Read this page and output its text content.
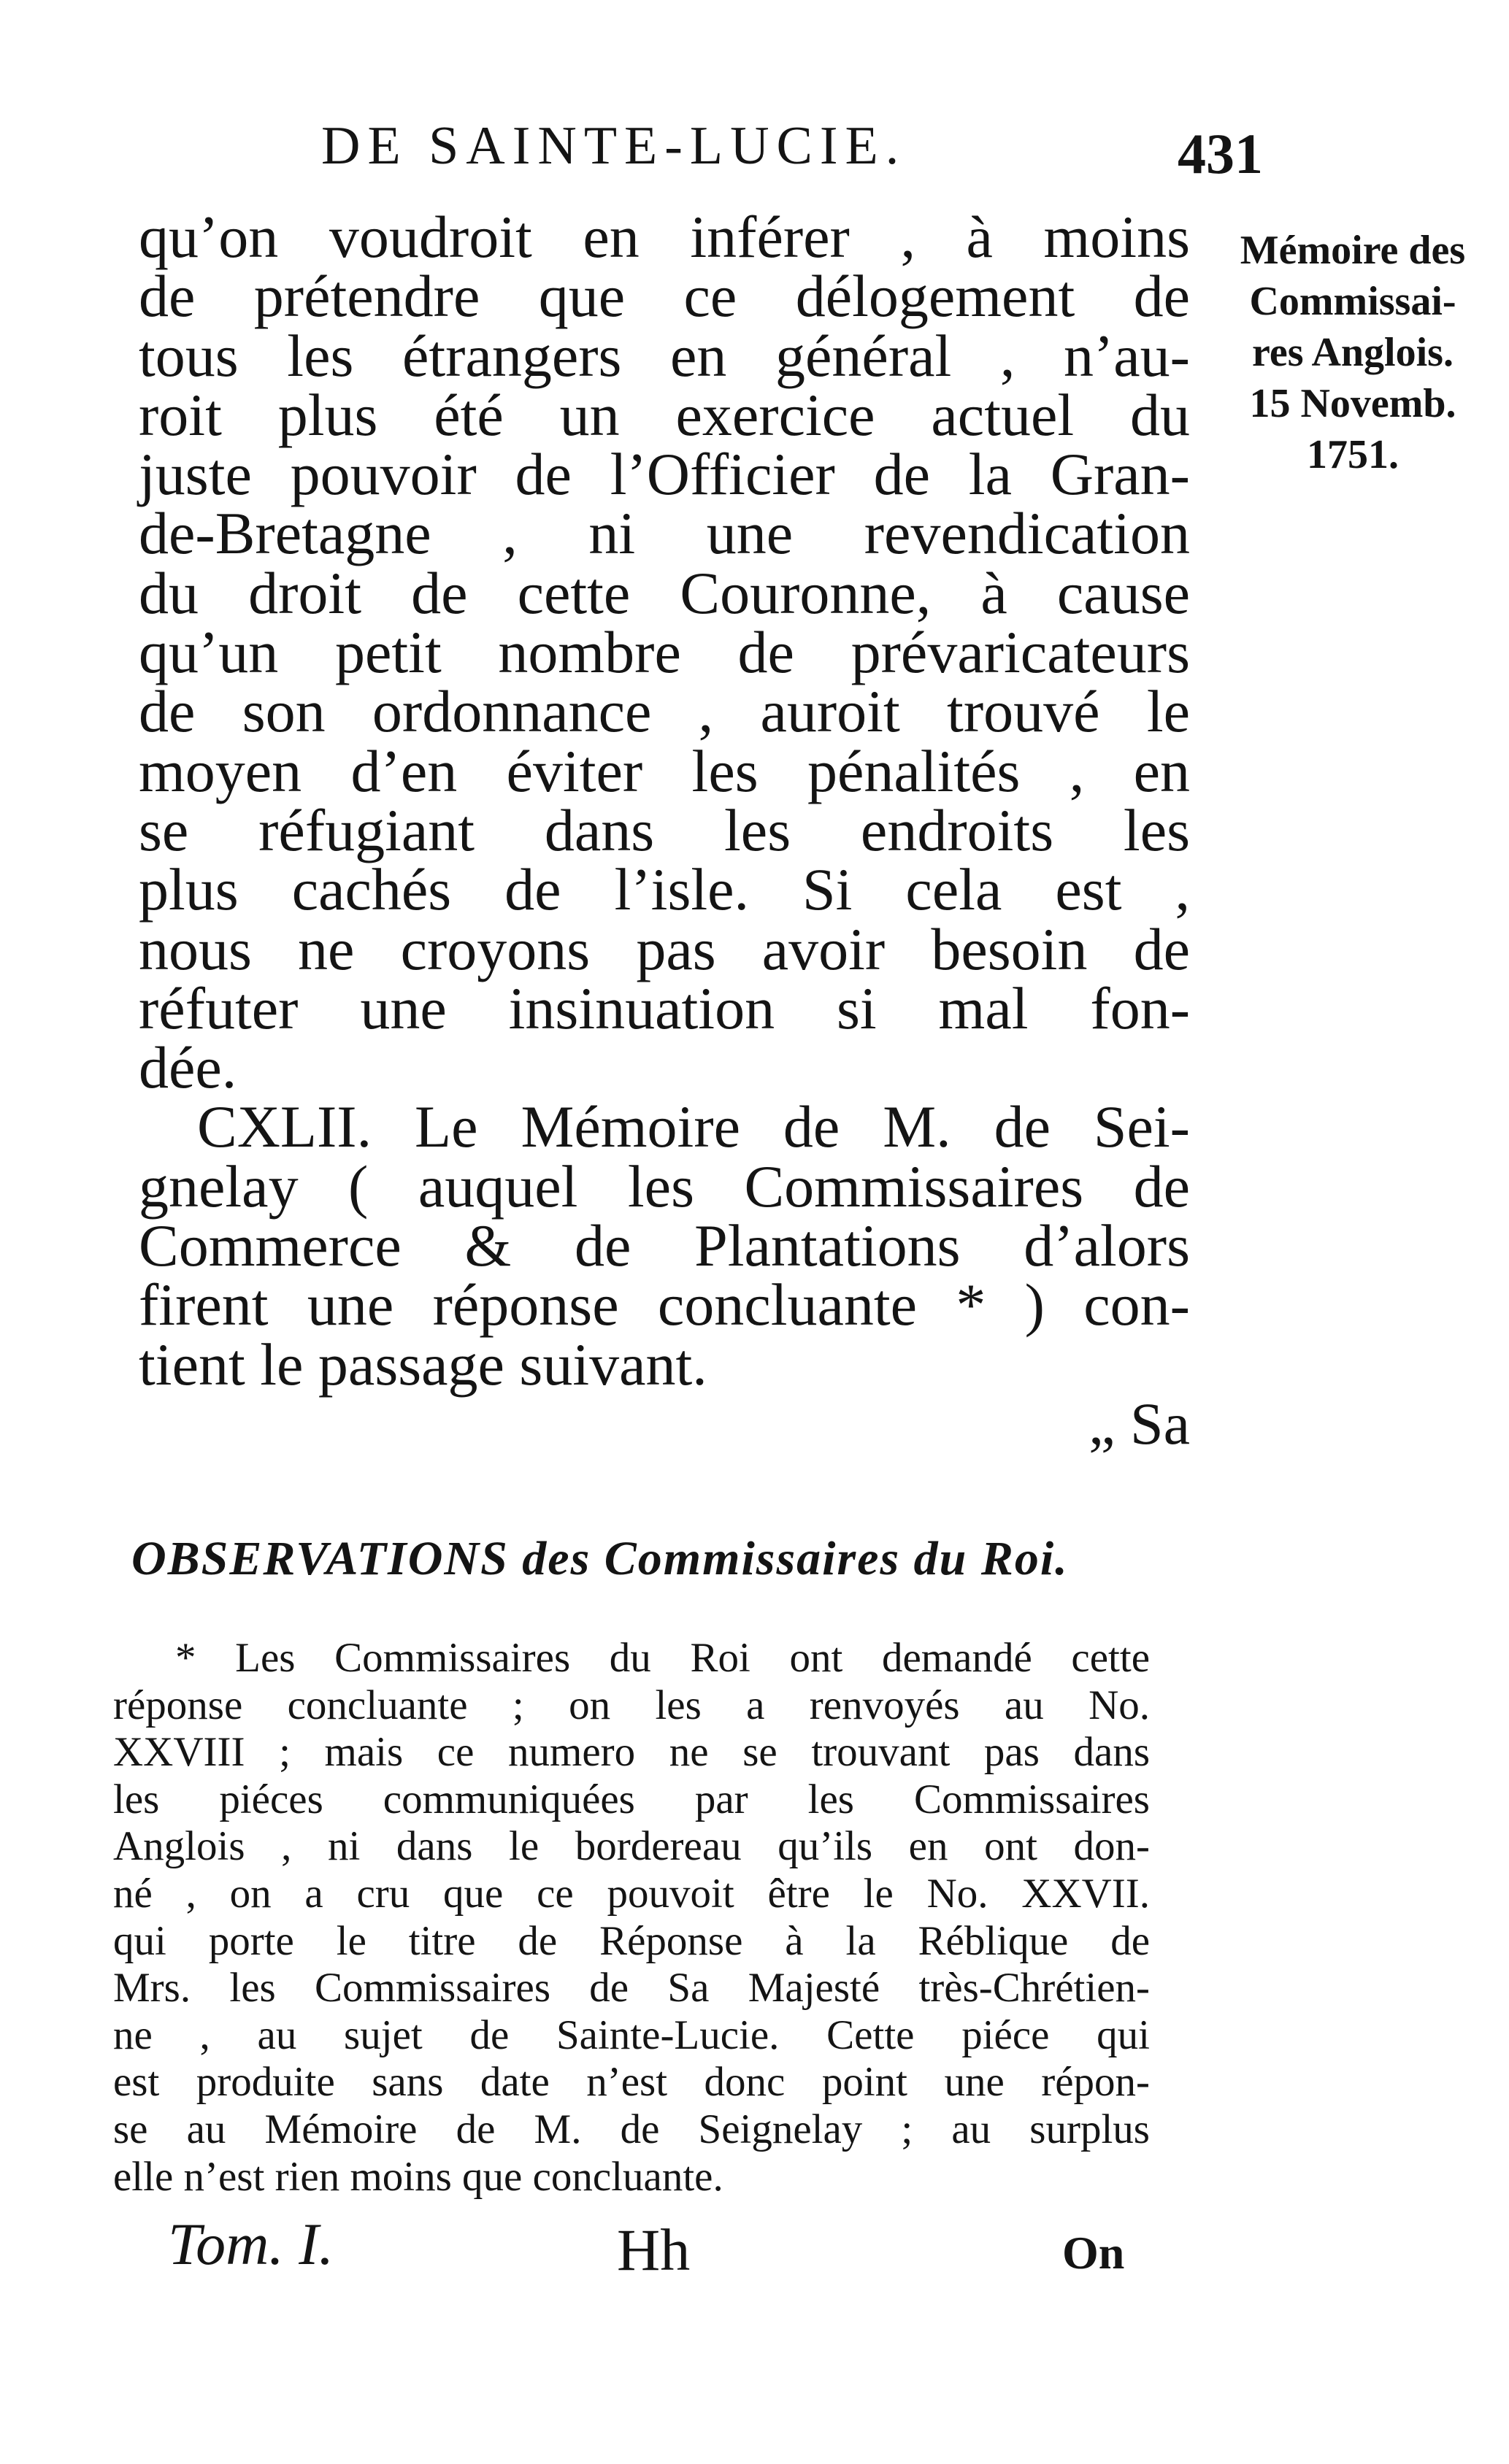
DE SAINTE-LUCIE.	431
Mémoire des
Commissai-
res Anglois.
15 Novemb.
1751.
qu’on voudroit en inférer , à moins
de prétendre que ce délogement de
tous les étrangers en général , n’au-
roit plus été un exercice actuel du
juste pouvoir de l’Officier de la Gran-
de-Bretagne , ni une revendication
du droit de cette Couronne, à cause
qu’un petit nombre de prévaricateurs
de son ordonnance , auroit trouvé le
moyen d’en éviter les pénalités , en
se réfugiant dans les endroits les
plus cachés de l’isle. Si cela est ,
nous ne croyons pas avoir besoin de
réfuter une insinuation si mal fon-
dée.
CXLII. Le Mémoire de M. de Sei-
gnelay ( auquel les Commissaires de
Commerce & de Plantations d’alors
firent une réponse concluante * ) con-
tient le passage suivant.
„ Sa
OBSERVATIONS des Commissaires du Roi.
* Les Commissaires du Roi ont demandé cette
réponse concluante ; on les a renvoyés au No.
XXVIII ; mais ce numero ne se trouvant pas dans
les piéces communiquées par les Commissaires
Anglois , ni dans le bordereau qu’ils en ont don-
né , on a cru que ce pouvoit être le No. XXVII.
qui porte le titre de Réponse à la Réblique de
Mrs. les Commissaires de Sa Majesté très-Chrétien-
ne , au sujet de Sainte-Lucie. Cette piéce qui
est produite sans date n’est donc point une répon-
se au Mémoire de M. de Seignelay ; au surplus
elle n’est rien moins que concluante.
Tom. I.	Hh	On
